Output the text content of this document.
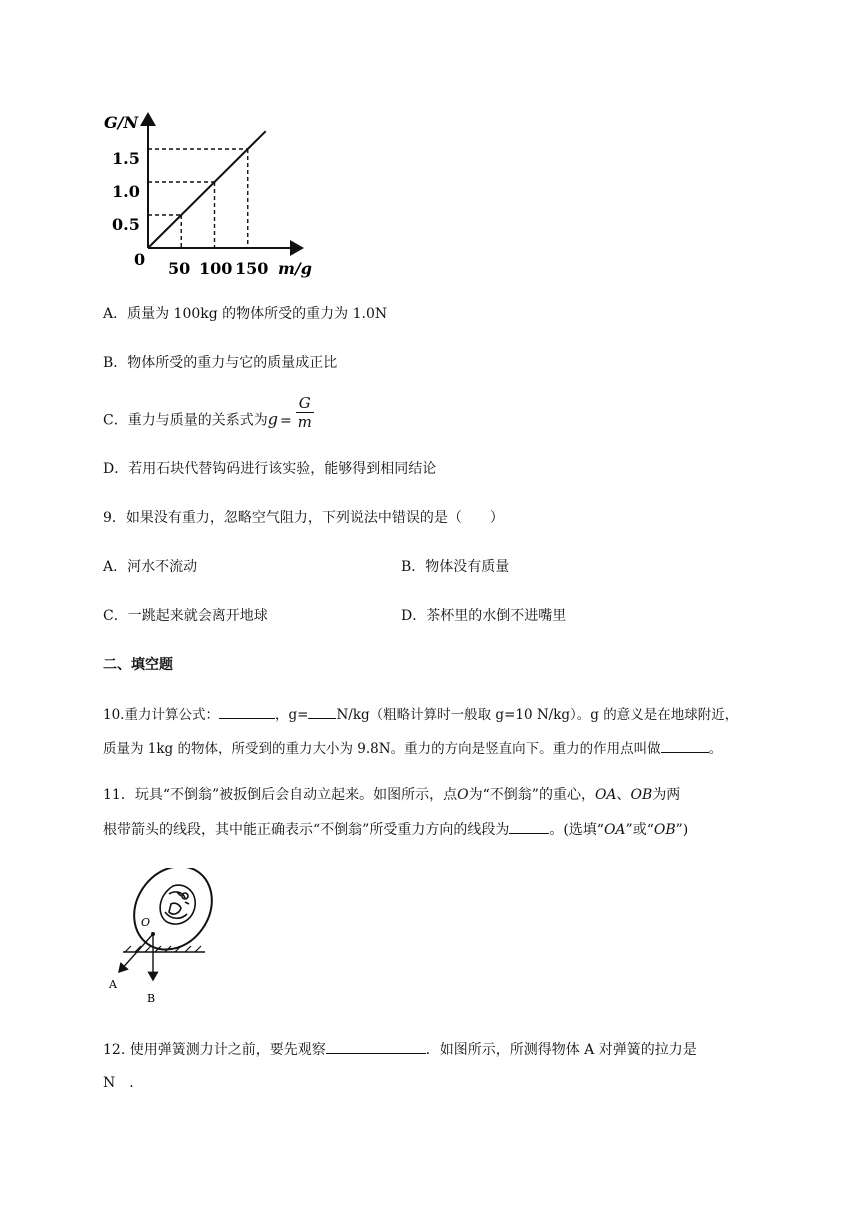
G/N
0.5
1.0
1.5
0 50 100 150 m/g
A．质量为 100kg 的物体所受的重力为 1.0N
B．物体所受的重力与它的质量成正比
C．重力与质量的关系式为$g = \frac{G}{m}$
D．若用石块代替钩码进行该实验，能够得到相同结论
9．如果没有重力，忽略空气阻力，下列说法中错误的是（　　）
A．河水不流动	B．物体没有质量
C．一跳起来就会离开地球	D．茶杯里的水倒不进嘴里
二、填空题
10.重力计算公式：	，g= N/kg（粗略计算时一般取 g=10 N/kg）。g 的意义是在地球附近，
质量为 1kg 的物体，所受到的重力大小为 9.8N。重力的方向是竖直向下。重力的作用点叫做	。
11．玩具“不倒翁”被扳倒后会自动立起来。如图所示，点O为“不倒翁”的重心，OA、OB为两
根带箭头的线段，其中能正确表示“不倒翁”所受重力方向的线段为	。(选填“OA”或“OB”)
O
A
B
12. 使用弹簧测力计之前，要先观察	．如图所示，所测得物体 A 对弹簧的拉力是
N　.
